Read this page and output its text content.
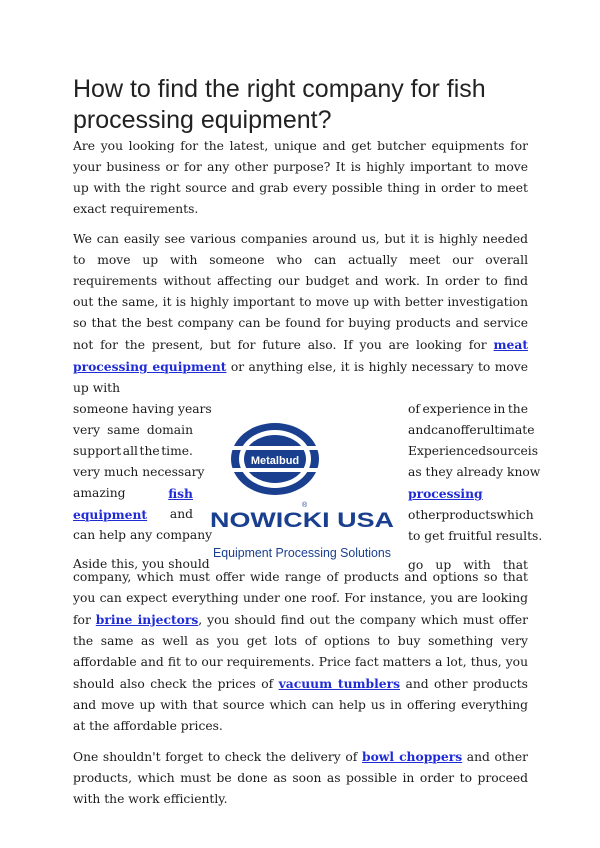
How to find the right company for fish processing equipment?

Are you looking for the latest, unique and get butcher equipments for your business or for any other purpose? It is highly important to move up with the right source and grab every possible thing in order to meet exact requirements.

We can easily see various companies around us, but it is highly needed to move up with someone who can actually meet our overall requirements without affecting our budget and work. In order to find out the same, it is highly important to move up with better investigation so that the best company can be found for buying products and service not for the present, but for future also. If you are looking for meat processing equipment or anything else, it is highly necessary to move up with

someone having years
very same domain
support all the time.
very much necessary
amazing	fish
equipment and
can help any company
Aside this, you should
Metalbud
®
NOWICKI USA
Equipment Processing Solutions
of experience in the
and can offer ultimate
Experienced source is
as they already know
processing
other products which
to get fruitful results.
go up with that

company, which must offer wide range of products and options so that you can expect everything under one roof. For instance, you are looking for brine injectors, you should find out the company which must offer the same as well as you get lots of options to buy something very affordable and fit to our requirements. Price fact matters a lot, thus, you should also check the prices of vacuum tumblers and other products and move up with that source which can help us in offering everything at the affordable prices.

One shouldn't forget to check the delivery of bowl choppers and other products, which must be done as soon as possible in order to proceed with the work efficiently.
